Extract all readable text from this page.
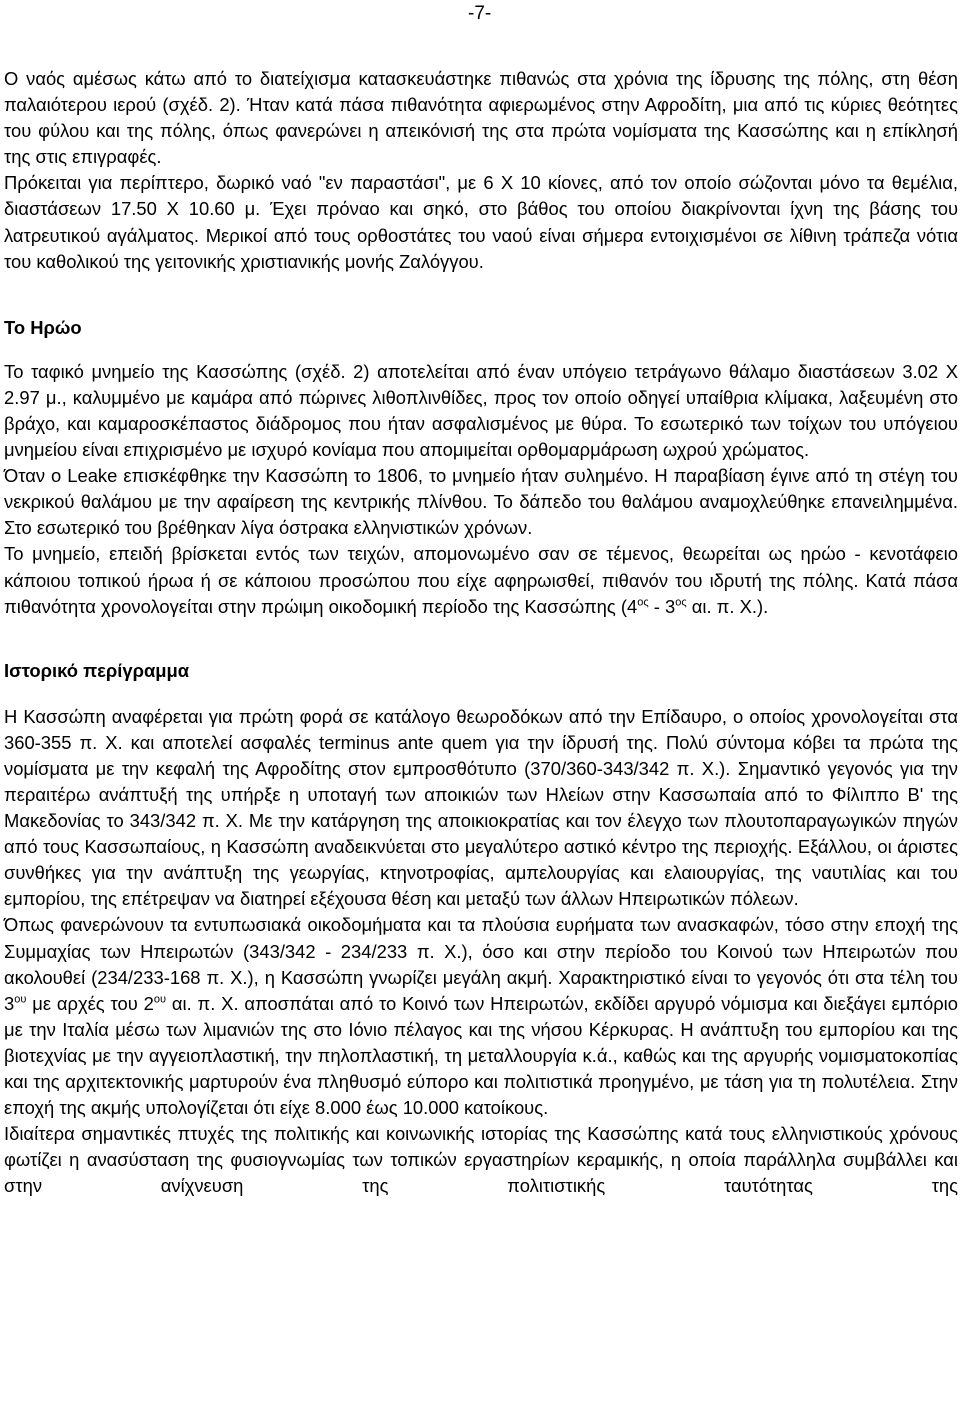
-7-

Ο ναός αμέσως κάτω από το διατείχισμα κατασκευάστηκε πιθανώς στα χρόνια της ίδρυσης της πόλης, στη θέση παλαιότερου ιερού (σχέδ. 2). Ήταν κατά πάσα πιθανότητα αφιερωμένος στην Αφροδίτη, μια από τις κύριες θεότητες του φύλου και της πόλης, όπως φανερώνει η απεικόνισή της στα πρώτα νομίσματα της Κασσώπης και η επίκλησή της στις επιγραφές.

Πρόκειται για περίπτερο, δωρικό ναό "εν παραστάσι", με 6 Χ 10 κίονες, από τον οποίο σώζονται μόνο τα θεμέλια, διαστάσεων 17.50 Χ 10.60 μ. Έχει πρόναο και σηκό, στο βάθος του οποίου διακρίνονται ίχνη της βάσης του λατρευτικού αγάλματος. Μερικοί από τους ορθοστάτες του ναού είναι σήμερα εντοιχισμένοι σε λίθινη τράπεζα νότια του καθολικού της γειτονικής χριστιανικής μονής Ζαλόγγου.

Το Ηρώο

Το ταφικό μνημείο της Κασσώπης (σχέδ. 2) αποτελείται από έναν υπόγειο τετράγωνο θάλαμο διαστάσεων 3.02 Χ 2.97 μ., καλυμμένο με καμάρα από πώρινες λιθοπλινθίδες, προς τον οποίο οδηγεί υπαίθρια κλίμακα, λαξευμένη στο βράχο, και καμαροσκέπαστος διάδρομος που ήταν ασφαλισμένος με θύρα. Το εσωτερικό των τοίχων του υπόγειου μνημείου είναι επιχρισμένο με ισχυρό κονίαμα που απομιμείται ορθομαρμάρωση ωχρού χρώματος.

Όταν ο Leake επισκέφθηκε την Κασσώπη το 1806, το μνημείο ήταν συλημένο. Η παραβίαση έγινε από τη στέγη του νεκρικού θαλάμου με την αφαίρεση της κεντρικής πλίνθου. Το δάπεδο του θαλάμου αναμοχλεύθηκε επανειλημμένα. Στο εσωτερικό του βρέθηκαν λίγα όστρακα ελληνιστικών χρόνων.

Το μνημείο, επειδή βρίσκεται εντός των τειχών, απομονωμένο σαν σε τέμενος, θεωρείται ως ηρώο - κενοτάφειο κάποιου τοπικού ήρωα ή σε κάποιου προσώπου που είχε αφηρωισθεί, πιθανόν του ιδρυτή της πόλης. Κατά πάσα πιθανότητα χρονολογείται στην πρώιμη οικοδομική περίοδο της Κασσώπης ($4^{o\varsigma} - 3^{o\varsigma}$ αι. π. Χ.).

Ιστορικό περίγραμμα

Η Κασσώπη αναφέρεται για πρώτη φορά σε κατάλογο θεωροδόκων από την Επίδαυρο, ο οποίος χρονολογείται στα 360-355 π. Χ. και αποτελεί ασφαλές terminus ante quem για την ίδρυσή της. Πολύ σύντομα κόβει τα πρώτα της νομίσματα με την κεφαλή της Αφροδίτης στον εμπροσθότυπο (370/360-343/342 π. Χ.). Σημαντικό γεγονός για την περαιτέρω ανάπτυξή της υπήρξε η υποταγή των αποικιών των Ηλείων στην Κασσωπαία από το Φίλιππο Β' της Μακεδονίας το 343/342 π. Χ. Με την κατάργηση της αποικιοκρατίας και τον έλεγχο των πλουτοπαραγωγικών πηγών από τους Κασσωπαίους, η Κασσώπη αναδεικνύεται στο μεγαλύτερο αστικό κέντρο της περιοχής. Εξάλλου, οι άριστες συνθήκες για την ανάπτυξη της γεωργίας, κτηνοτροφίας, αμπελουργίας και ελαιουργίας, της ναυτιλίας και του εμπορίου, της επέτρεψαν να διατηρεί εξέχουσα θέση και μεταξύ των άλλων Ηπειρωτικών πόλεων.

Όπως φανερώνουν τα εντυπωσιακά οικοδομήματα και τα πλούσια ευρήματα των ανασκαφών, τόσο στην εποχή της Συμμαχίας των Ηπειρωτών (343/342 - 234/233 π. Χ.), όσο και στην περίοδο του Κοινού των Ηπειρωτών που ακολουθεί (234/233-168 π. Χ.), η Κασσώπη γνωρίζει μεγάλη ακμή. Χαρακτηριστικό είναι το γεγονός ότι στα τέλη του $3^{o\upsilon}$ με αρχές του $2^{o\upsilon}$ αι. π. Χ. αποσπάται από το Κοινό των Ηπειρωτών, εκδίδει αργυρό νόμισμα και διεξάγει εμπόριο με την Ιταλία μέσω των λιμανιών της στο Ιόνιο πέλαγος και της νήσου Κέρκυρας. Η ανάπτυξη του εμπορίου και της βιοτεχνίας με την αγγειοπλαστική, την πηλοπλαστική, τη μεταλλουργία κ.ά., καθώς και της αργυρής νομισματοκοπίας και της αρχιτεκτονικής μαρτυρούν ένα πληθυσμό εύπορο και πολιτιστικά προηγμένο, με τάση για τη πολυτέλεια. Στην εποχή της ακμής υπολογίζεται ότι είχε 8.000 έως 10.000 κατοίκους.

Ιδιαίτερα σημαντικές πτυχές της πολιτικής και κοινωνικής ιστορίας της Κασσώπης κατά τους ελληνιστικούς χρόνους φωτίζει η ανασύσταση της φυσιογνωμίας των τοπικών εργαστηρίων κεραμικής, η οποία παράλληλα συμβάλλει και στην ανίχνευση της πολιτιστικής ταυτότητας της
